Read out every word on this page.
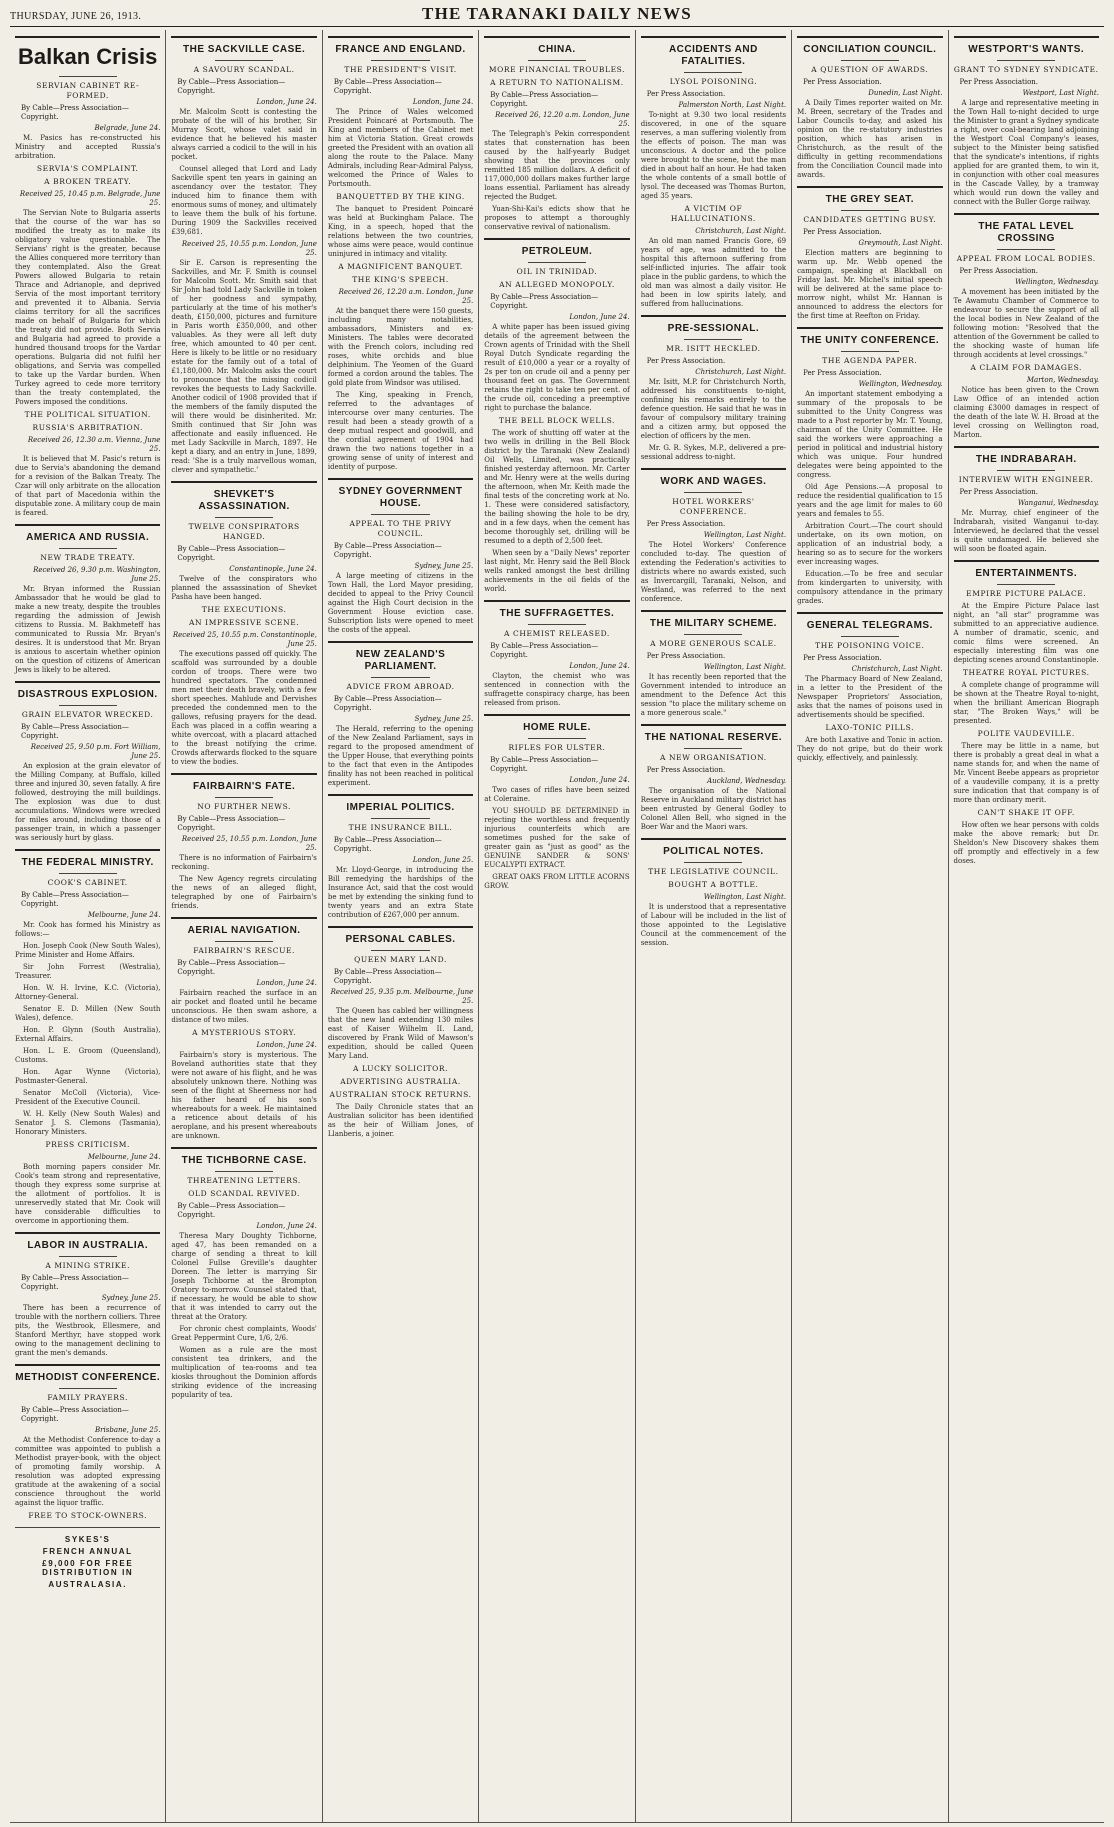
THURSDAY, JUNE 26, 1913.	THE TARANAKI DAILY NEWS
Balkan Crisis
SERVIAN CABINET RE-FORMED.
By Cable—Press Association—Copyright.
Belgrade, June 24.

M. Pasics has re-constructed his Ministry and accepted Russia's arbitration.

SERVIA'S COMPLAINT.
A BROKEN TREATY.
Received 25, 10.45 p.m. Belgrade, June 25.

The Servian Note to Bulgaria asserts that the course of the war has so modified the treaty as to make its obligatory value questionable. The Servians' right is the greater, because the Allies conquered more territory than they contemplated. Also the Great Powers allowed Bulgaria to retain Thrace and Adrianople, and deprived Servia of the most important territory and prevented it to Albania. Servia claims territory for all the sacrifices made on behalf of Bulgaria for which the treaty did not provide. Both Servia and Bulgaria had agreed to provide a hundred thousand troops for the Vardar operations. Bulgaria did not fulfil her obligations, and Servia was compelled to take up the Vardar burden. When Turkey agreed to cede more territory than the treaty contemplated, the Powers imposed the conditions.

THE POLITICAL SITUATION.
RUSSIA'S ARBITRATION.
Received 26, 12.30 a.m. Vienna, June 25.

It is believed that M. Pasic's return is due to Servia's abandoning the demand for a revision of the Balkan Treaty. The Czar will only arbitrate on the allocation of that part of Macedonia within the disputable zone. A military coup de main is feared.

AMERICA AND RUSSIA.
NEW TRADE TREATY.
Received 26, 9.30 p.m. Washington, June 25.

Mr. Bryan informed the Russian Ambassador that he would be glad to make a new treaty, despite the troubles regarding the admission of Jewish citizens to Russia. M. Bakhmeteff has communicated to Russia Mr. Bryan's desires. It is understood that Mr. Bryan is anxious to ascertain whether opinion on the question of citizens of American Jews is likely to be altered.

DISASTROUS EXPLOSION.
GRAIN ELEVATOR WRECKED.
By Cable—Press Association—Copyright.
Received 25, 9.50 p.m. Fort William, June 25.

An explosion at the grain elevator of the Milling Company, at Buffalo, killed three and injured 30, seven fatally. A fire followed, destroying the mill buildings. The explosion was due to dust accumulations. Windows were wrecked for miles around, including those of a passenger train, in which a passenger was seriously hurt by glass.

THE FEDERAL MINISTRY.
COOK'S CABINET.
By Cable—Press Association—Copyright.
Melbourne, June 24.

Mr. Cook has formed his Ministry as follows:—

Hon. Joseph Cook (New South Wales), Prime Minister and Home Affairs.

Sir John Forrest (Westralia), Treasurer.

Hon. W. H. Irvine, K.C. (Victoria), Attorney-General.

Senator E. D. Millen (New South Wales), defence.

Hon. P. Glynn (South Australia), External Affairs.

Hon. L. E. Groom (Queensland), Customs.

Hon. Agar Wynne (Victoria), Postmaster-General.

Senator McColl (Victoria), Vice-President of the Executive Council.

W. H. Kelly (New South Wales) and Senator J. S. Clemons (Tasmania), Honorary Ministers.

PRESS CRITICISM.
Melbourne, June 24.

Both morning papers consider Mr. Cook's team strong and representative, though they express some surprise at the allotment of portfolios. It is unreservedly stated that Mr. Cook will have considerable difficulties to overcome in apportioning them.

LABOR IN AUSTRALIA.
A MINING STRIKE.
By Cable—Press Association—Copyright.
Sydney, June 25.

There has been a recurrence of trouble with the northern colliers. Three pits, the Westbrook, Ellesmere, and Stanford Merthyr, have stopped work owing to the management declining to grant the men's demands.

METHODIST CONFERENCE.
FAMILY PRAYERS.
By Cable—Press Association—Copyright.
Brisbane, June 25.

At the Methodist Conference to-day a committee was appointed to publish a Methodist prayer-book, with the object of promoting family worship. A resolution was adopted expressing gratitude at the awakening of a social conscience throughout the world against the liquor traffic.

FREE TO STOCK-OWNERS.
SYKES'S
FRENCH ANNUAL
£9,000 FOR FREE DISTRIBUTION IN
AUSTRALASIA.
THE SACKVILLE CASE.
A SAVOURY SCANDAL.
By Cable—Press Association—Copyright.
London, June 24.

Mr. Malcolm Scott is contesting the probate of the will of his brother, Sir Murray Scott, whose valet said in evidence that he believed his master always carried a codicil to the will in his pocket.

Counsel alleged that Lord and Lady Sackville spent ten years in gaining an ascendancy over the testator. They induced him to finance them with enormous sums of money, and ultimately to leave them the bulk of his fortune. During 1909 the Sackvilles received £39,681.

Received 25, 10.55 p.m. London, June 25.

Sir E. Carson is representing the Sackvilles, and Mr. F. Smith is counsel for Malcolm Scott. Mr. Smith said that Sir John had told Lady Sackville in token of her goodness and sympathy, particularly at the time of his mother's death, £150,000, pictures and furniture in Paris worth £350,000, and other valuables. As they were all left duty free, which amounted to 40 per cent. Here is likely to be little or no residuary estate for the family out of a total of £1,180,000. Mr. Malcolm asks the court to pronounce that the missing codicil revokes the bequests to Lady Sackville. Another codicil of 1908 provided that if the members of the family disputed the will there would be disinherited. Mr. Smith continued that Sir John was affectionate and easily influenced. He met Lady Sackville in March, 1897. He kept a diary, and an entry in June, 1899, read: 'She is a truly marvellous woman, clever and sympathetic.'

SHEVKET'S ASSASSINATION.
TWELVE CONSPIRATORS HANGED.
By Cable—Press Association—Copyright.
Constantinople, June 24.

Twelve of the conspirators who planned the assassination of Shevket Pasha have been hanged.

THE EXECUTIONS.
AN IMPRESSIVE SCENE.
Received 25, 10.55 p.m. Constantinople, June 25.

The executions passed off quickly. The scaffold was surrounded by a double cordon of troops. There were two hundred spectators. The condemned men met their death bravely, with a few short speeches. Mahlude and Dervishes preceded the condemned men to the gallows, refusing prayers for the dead. Each was placed in a coffin wearing a white overcoat, with a placard attached to the breast notifying the crime. Crowds afterwards flocked to the square to view the bodies.

FAIRBAIRN'S FATE.
NO FURTHER NEWS.
By Cable—Press Association—Copyright.
Received 25, 10.55 p.m. London, June 25.

There is no information of Fairbairn's reckoning.

The New Agency regrets circulating the news of an alleged flight, telegraphed by one of Fairbairn's friends.

AERIAL NAVIGATION.
FAIRBAIRN'S RESCUE.
By Cable—Press Association—Copyright.
London, June 24.

Fairbairn reached the surface in an air pocket and floated until he became unconscious. He then swam ashore, a distance of two miles.

A MYSTERIOUS STORY.
London, June 24.

Fairbairn's story is mysterious. The Boveland authorities state that they were not aware of his flight, and he was absolutely unknown there. Nothing was seen of the flight at Sheerness nor had his father heard of his son's whereabouts for a week. He maintained a reticence about details of his aeroplane, and his present whereabouts are unknown.

THE TICHBORNE CASE.
THREATENING LETTERS.
OLD SCANDAL REVIVED.
By Cable—Press Association—Copyright.
London, June 24.

Theresa Mary Doughty Tichborne, aged 47, has been remanded on a charge of sending a threat to kill Colonel Fullse Greville's daughter Doreen. The letter is marrying Sir Joseph Tichborne at the Brompton Oratory to-morrow. Counsel stated that, if necessary, he would be able to show that it was intended to carry out the threat at the Oratory.

For chronic chest complaints, Woods' Great Peppermint Cure, 1/6, 2/6.

Women as a rule are the most consistent tea drinkers, and the multiplication of tea-rooms and tea kiosks throughout the Dominion affords striking evidence of the increasing popularity of tea.

FRANCE AND ENGLAND.
THE PRESIDENT'S VISIT.
By Cable—Press Association—Copyright.
London, June 24.

The Prince of Wales welcomed President Poincaré at Portsmouth. The King and members of the Cabinet met him at Victoria Station. Great crowds greeted the President with an ovation all along the route to the Palace. Many Admirals, including Rear-Admiral Palyss, welcomed the Prince of Wales to Portsmouth.

BANQUETTED BY THE KING.

The banquet to President Poincaré was held at Buckingham Palace. The King, in a speech, hoped that the relations between the two countries, whose aims were peace, would continue uninjured in intimacy and vitality.

A MAGNIFICENT BANQUET.
THE KING'S SPEECH.
Received 26, 12.20 a.m. London, June 25.

At the banquet there were 150 guests, including many notabilities, ambassadors, Ministers and ex-Ministers. The tables were decorated with the French colors, including red roses, white orchids and blue delphinium. The Yeomen of the Guard formed a cordon around the tables. The gold plate from Windsor was utilised.

The King, speaking in French, referred to the advantages of intercourse over many centuries. The result had been a steady growth of a deep mutual respect and goodwill, and the cordial agreement of 1904 had drawn the two nations together in a growing sense of unity of interest and identity of purpose.

SYDNEY GOVERNMENT HOUSE.
APPEAL TO THE PRIVY COUNCIL.
By Cable—Press Association—Copyright.
Sydney, June 25.

A large meeting of citizens in the Town Hall, the Lord Mayor presiding, decided to appeal to the Privy Council against the High Court decision in the Government House eviction case. Subscription lists were opened to meet the costs of the appeal.

NEW ZEALAND'S PARLIAMENT.
ADVICE FROM ABROAD.
By Cable—Press Association—Copyright.
Sydney, June 25.

The Herald, referring to the opening of the New Zealand Parliament, says in regard to the proposed amendment of the Upper House, that everything points to the fact that even in the Antipodes finality has not been reached in political experiment.

IMPERIAL POLITICS.
THE INSURANCE BILL.
By Cable—Press Association—Copyright.
London, June 25.

Mr. Lloyd-George, in introducing the Bill remedying the hardships of the Insurance Act, said that the cost would be met by extending the sinking fund to twenty years and an extra State contribution of £267,000 per annum.

PERSONAL CABLES.
QUEEN MARY LAND.
By Cable—Press Association—Copyright.
Received 25, 9.35 p.m. Melbourne, June 25.

The Queen has cabled her willingness that the new land extending 130 miles east of Kaiser Wilhelm II. Land, discovered by Frank Wild of Mawson's expedition, should be called Queen Mary Land.

A LUCKY SOLICITOR.
ADVERTISING AUSTRALIA.
AUSTRALIAN STOCK RETURNS.

The Daily Chronicle states that an Australian solicitor has been identified as the heir of William Jones, of Llanberis, a joiner.

CHINA.
MORE FINANCIAL TROUBLES.
A RETURN TO NATIONALISM.
By Cable—Press Association—Copyright.
Received 26, 12.20 a.m. London, June 25.

The Telegraph's Pekin correspondent states that consternation has been caused by the half-yearly Budget showing that the provinces only remitted 185 million dollars. A deficit of 117,000,000 dollars makes further large loans essential. Parliament has already rejected the Budget.

Yuan-Shi-Kai's edicts show that he proposes to attempt a thoroughly conservative revival of nationalism.

PETROLEUM.
OIL IN TRINIDAD.
AN ALLEGED MONOPOLY.
By Cable—Press Association—Copyright.
London, June 24.

A white paper has been issued giving details of the agreement between the Crown agents of Trinidad with the Shell Royal Dutch Syndicate regarding the result of £10,000 a year or a royalty of 2s per ton on crude oil and a penny per thousand feet on gas. The Government retains the right to take ten per cent. of the crude oil, conceding a preemptive right to purchase the balance.

THE BELL BLOCK WELLS.

The work of shutting off water at the two wells in drilling in the Bell Block district by the Taranaki (New Zealand) Oil Wells, Limited, was practically finished yesterday afternoon. Mr. Carter and Mr. Henry were at the wells during the afternoon, when Mr. Keith made the final tests of the concreting work at No. 1. These were considered satisfactory, the bailing showing the hole to be dry, and in a few days, when the cement has become thoroughly set, drilling will be resumed to a depth of 2,500 feet.

When seen by a "Daily News" reporter last night, Mr. Henry said the Bell Block wells ranked amongst the best drilling achievements in the oil fields of the world.

THE SUFFRAGETTES.
A CHEMIST RELEASED.
By Cable—Press Association—Copyright.
London, June 24.

Clayton, the chemist who was sentenced in connection with the suffragette conspiracy charge, has been released from prison.

HOME RULE.
RIFLES FOR ULSTER.
By Cable—Press Association—Copyright.
London, June 24.

Two cases of rifles have been seized at Coleraine.

YOU SHOULD BE DETERMINED in rejecting the worthless and frequently injurious counterfeits which are sometimes pushed for the sake of greater gain as "just as good" as the GENUINE SANDER & SONS' EUCALYPTI EXTRACT.

GREAT OAKS FROM LITTLE ACORNS GROW.

ACCIDENTS AND FATALITIES.
LYSOL POISONING.
Per Press Association.
Palmerston North, Last Night.

To-night at 9.30 two local residents discovered, in one of the square reserves, a man suffering violently from the effects of poison. The man was unconscious. A doctor and the police were brought to the scene, but the man died in about half an hour. He had taken the whole contents of a small bottle of lysol. The deceased was Thomas Burton, aged 35 years.

A VICTIM OF HALLUCINATIONS.
Christchurch, Last Night.

An old man named Francis Gore, 69 years of age, was admitted to the hospital this afternoon suffering from self-inflicted injuries. The affair took place in the public gardens, to which the old man was almost a daily visitor. He had been in low spirits lately, and suffered from hallucinations.

PRE-SESSIONAL.
MR. ISITT HECKLED.
Per Press Association.
Christchurch, Last Night.

Mr. Isitt, M.P. for Christchurch North, addressed his constituents to-night, confining his remarks entirely to the defence question. He said that he was in favour of compulsory military training and a citizen army, but opposed the election of officers by the men.

Mr. G. R. Sykes, M.P., delivered a pre-sessional address to-night.

WORK AND WAGES.
HOTEL WORKERS' CONFERENCE.
Per Press Association.
Wellington, Last Night.

The Hotel Workers' Conference concluded to-day. The question of extending the Federation's activities to districts where no awards existed, such as Invercargill, Taranaki, Nelson, and Westland, was referred to the next conference.

THE MILITARY SCHEME.
A MORE GENEROUS SCALE.
Per Press Association.
Wellington, Last Night.

It has recently been reported that the Government intended to introduce an amendment to the Defence Act this session "to place the military scheme on a more generous scale."

THE NATIONAL RESERVE.
A NEW ORGANISATION.
Per Press Association.
Auckland, Wednesday.

The organisation of the National Reserve in Auckland military district has been entrusted by General Godley to Colonel Allen Bell, who signed in the Boer War and the Maori wars.

POLITICAL NOTES.
THE LEGISLATIVE COUNCIL.
BOUGHT A BOTTLE.
Wellington, Last Night.

It is understood that a representative of Labour will be included in the list of those appointed to the Legislative Council at the commencement of the session.

CONCILIATION COUNCIL.
A QUESTION OF AWARDS.
Per Press Association.
Dunedin, Last Night.

A Daily Times reporter waited on Mr. M. Breen, secretary of the Trades and Labor Councils to-day, and asked his opinion on the re-statutory industries position, which has arisen in Christchurch, as the result of the difficulty in getting recommendations from the Conciliation Council made into awards.

THE GREY SEAT.
CANDIDATES GETTING BUSY.
Per Press Association.
Greymouth, Last Night.

Election matters are beginning to warm up. Mr. Webb opened the campaign, speaking at Blackball on Friday last. Mr. Michel's initial speech will be delivered at the same place to-morrow night, whilst Mr. Hannan is announced to address the electors for the first time at Reefton on Friday.

THE UNITY CONFERENCE.
THE AGENDA PAPER.
Per Press Association.
Wellington, Wednesday.

An important statement embodying a summary of the proposals to be submitted to the Unity Congress was made to a Post reporter by Mr. T. Young, chairman of the Unity Committee. He said the workers were approaching a period in political and industrial history which was unique. Four hundred delegates were being appointed to the congress.

Old Age Pensions.—A proposal to reduce the residential qualification to 15 years and the age limit for males to 60 years and females to 55.

Arbitration Court.—The court should undertake, on its own motion, on application of an industrial body, a hearing so as to secure for the workers ever increasing wages.

Education.—To be free and secular from kindergarten to university, with compulsory attendance in the primary grades.

GENERAL TELEGRAMS.
THE POISONING VOICE.
Per Press Association.
Christchurch, Last Night.

The Pharmacy Board of New Zealand, in a letter to the President of the Newspaper Proprietors' Association, asks that the names of poisons used in advertisements should be specified.

LAXO-TONIC PILLS.

Are both Laxative and Tonic in action. They do not gripe, but do their work quickly, effectively, and painlessly.

WESTPORT'S WANTS.
GRANT TO SYDNEY SYNDICATE.
Per Press Association.
Westport, Last Night.

A large and representative meeting in the Town Hall to-night decided to urge the Minister to grant a Sydney syndicate a right, over coal-bearing land adjoining the Westport Coal Company's leases, subject to the Minister being satisfied that the syndicate's intentions, if rights applied for are granted them, to win it, in conjunction with other coal measures in the Cascade Valley, by a tramway which would run down the valley and connect with the Buller Gorge railway.

THE FATAL LEVEL CROSSING
APPEAL FROM LOCAL BODIES.
Per Press Association.
Wellington, Wednesday.

A movement has been initiated by the Te Awamutu Chamber of Commerce to endeavour to secure the support of all the local bodies in New Zealand of the following motion: "Resolved that the attention of the Government be called to the shocking waste of human life through accidents at level crossings."

A CLAIM FOR DAMAGES.
Marton, Wednesday.

Notice has been given to the Crown Law Office of an intended action claiming £3000 damages in respect of the death of the late W. H. Broad at the level crossing on Wellington road, Marton.

THE INDRABARAH.
INTERVIEW WITH ENGINEER.
Per Press Association.
Wanganui, Wednesday.

Mr. Murray, chief engineer of the Indrabarah, visited Wanganui to-day. Interviewed, he declared that the vessel is quite undamaged. He believed she will soon be floated again.

ENTERTAINMENTS.
EMPIRE PICTURE PALACE.

At the Empire Picture Palace last night, an "all star" programme was submitted to an appreciative audience. A number of dramatic, scenic, and comic films were screened. An especially interesting film was one depicting scenes around Constantinople.

THEATRE ROYAL PICTURES.

A complete change of programme will be shown at the Theatre Royal to-night, when the brilliant American Biograph star, "The Broken Ways," will be presented.

POLITE VAUDEVILLE.

There may be little in a name, but there is probably a great deal in what a name stands for, and when the name of Mr. Vincent Beebe appears as proprietor of a vaudeville company, it is a pretty sure indication that that company is of more than ordinary merit.

CAN'T SHAKE IT OFF.

How often we hear persons with colds make the above remark; but Dr. Sheldon's New Discovery shakes them off promptly and effectively in a few doses.
